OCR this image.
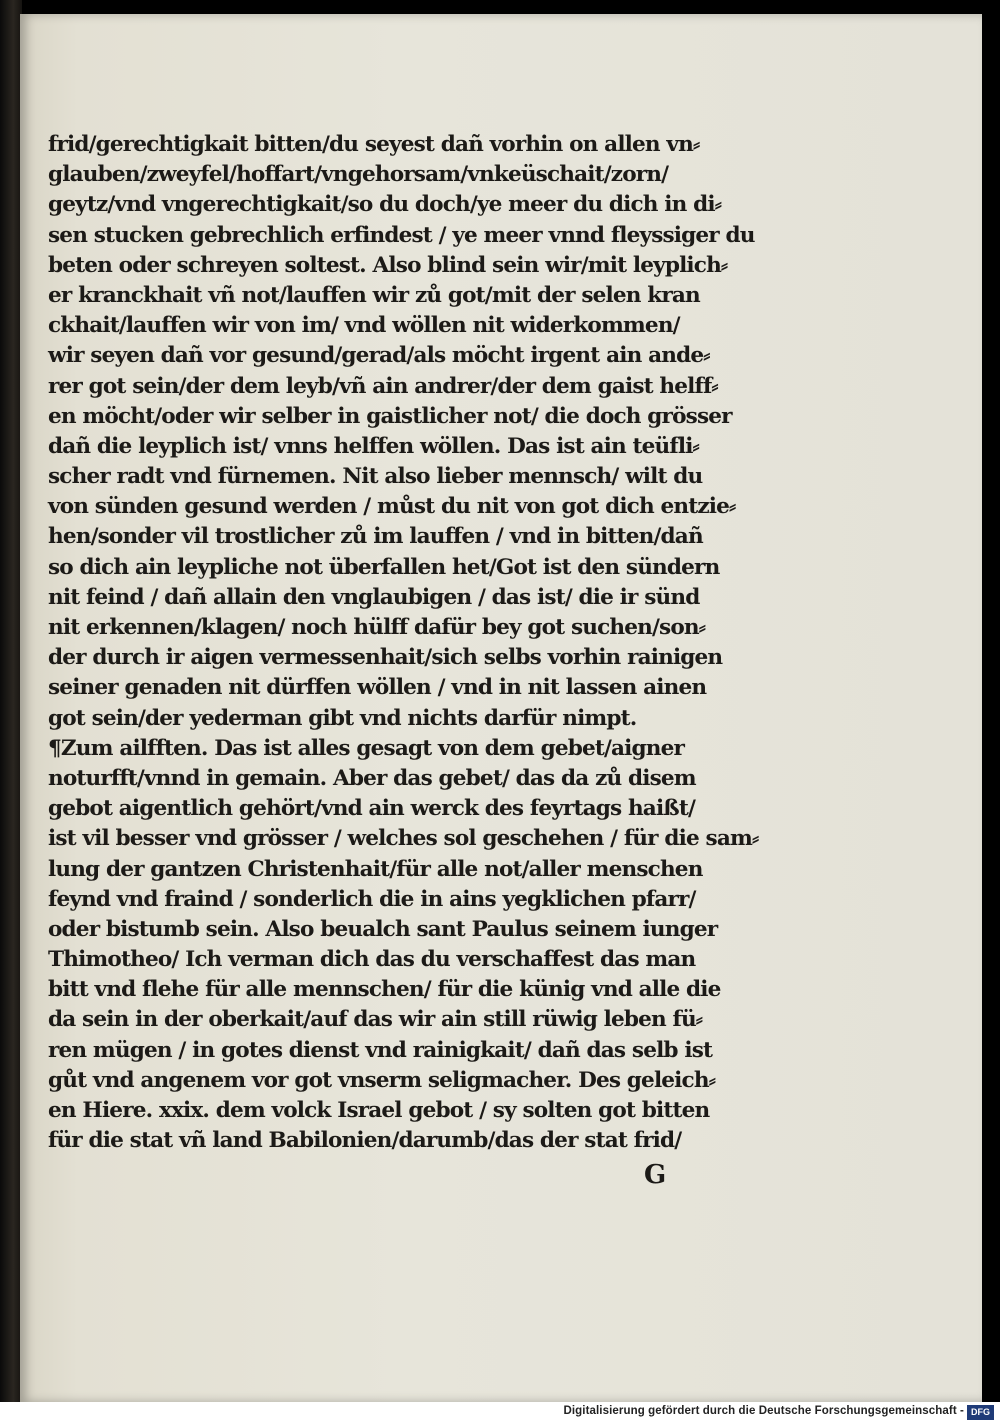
frid/gerechtigkait bitten/du seyest dañ vorhin on allen vn⸗
glauben/zweyfel/hoffart/vngehorsam/vnkeüschait/zorn/
geytz/vnd vngerechtigkait/so du doch/ye meer du dich in di⸗
sen stucken gebrechlich erfindest / ye meer vnnd fleyssiger du
beten oder schreyen soltest. Also blind sein wir/mit leyplich⸗
er kranckhait vñ not/lauffen wir zů got/mit der selen kran
ckhait/lauffen wir von im/ vnd wöllen nit widerkommen/
wir seyen dañ vor gesund/gerad/als möcht irgent ain ande⸗
rer got sein/der dem leyb/vñ ain andrer/der dem gaist helff⸗
en möcht/oder wir selber in gaistlicher not/ die doch grösser
dañ die leyplich ist/ vnns helffen wöllen. Das ist ain teüfli⸗
scher radt vnd fürnemen. Nit also lieber mennsch/ wilt du
von sünden gesund werden / můst du nit von got dich entzie⸗
hen/sonder vil trostlicher zů im lauffen / vnd in bitten/dañ
so dich ain leypliche not überfallen het/Got ist den sündern
nit feind / dañ allain den vnglaubigen / das ist/ die ir sünd
nit erkennen/klagen/ noch hülff dafür bey got suchen/son⸗
der durch ir aigen vermessenhait/sich selbs vorhin rainigen
seiner genaden nit dürffen wöllen / vnd in nit lassen ainen
got sein/der yederman gibt vnd nichts darfür nimpt.
¶Zum ailfften. Das ist alles gesagt von dem gebet/aigner
noturfft/vnnd in gemain. Aber das gebet/ das da zů disem
gebot aigentlich gehört/vnd ain werck des feyrtags haißt/
ist vil besser vnd grösser / welches sol geschehen / für die sam⸗
lung der gantzen Christenhait/für alle not/aller menschen
feynd vnd fraind / sonderlich die in ains yegklichen pfarr/
oder bistumb sein. Also beualch sant Paulus seinem iunger
Thimotheo/ Ich verman dich das du verschaffest das man
bitt vnd flehe für alle mennschen/ für die künig vnd alle die
da sein in der oberkait/auf das wir ain still rüwig leben fü⸗
ren mügen / in gotes dienst vnd rainigkait/ dañ das selb ist
gůt vnd angenem vor got vnserm seligmacher. Des geleich⸗
en Hiere. xxix. dem volck Israel gebot / sy solten got bitten
für die stat vñ land Babilonien/darumb/das der stat frid/
G
Digitalisierung gefördert durch die Deutsche Forschungsgemeinschaft - DFG
